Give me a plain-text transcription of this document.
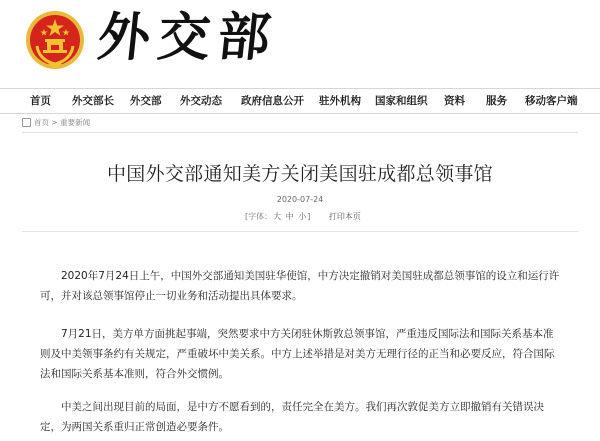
外交部
首页 外交部长 外交部 外交动态 政府信息公开 驻外机构 国家和组织 资料 服务 移动客户端
首页 > 重要新闻
中国外交部通知美方关闭美国驻成都总领事馆
2020-07-24
[字体：大 中 小] 打印本页
2020年7月24日上午，中国外交部通知美国驻华使馆，中方决定撤销对美国驻成都总领事馆的设立和运行许可，并对该总领事馆停止一切业务和活动提出具体要求。
7月21日，美方单方面挑起事端，突然要求中方关闭驻休斯敦总领事馆，严重违反国际法和国际关系基本准则及中美领事条约有关规定，严重破坏中美关系。中方上述举措是对美方无理行径的正当和必要反应，符合国际法和国际关系基本准则，符合外交惯例。
中美之间出现目前的局面，是中方不愿看到的，责任完全在美方。我们再次敦促美方立即撤销有关错误决定，为两国关系重归正常创造必要条件。
